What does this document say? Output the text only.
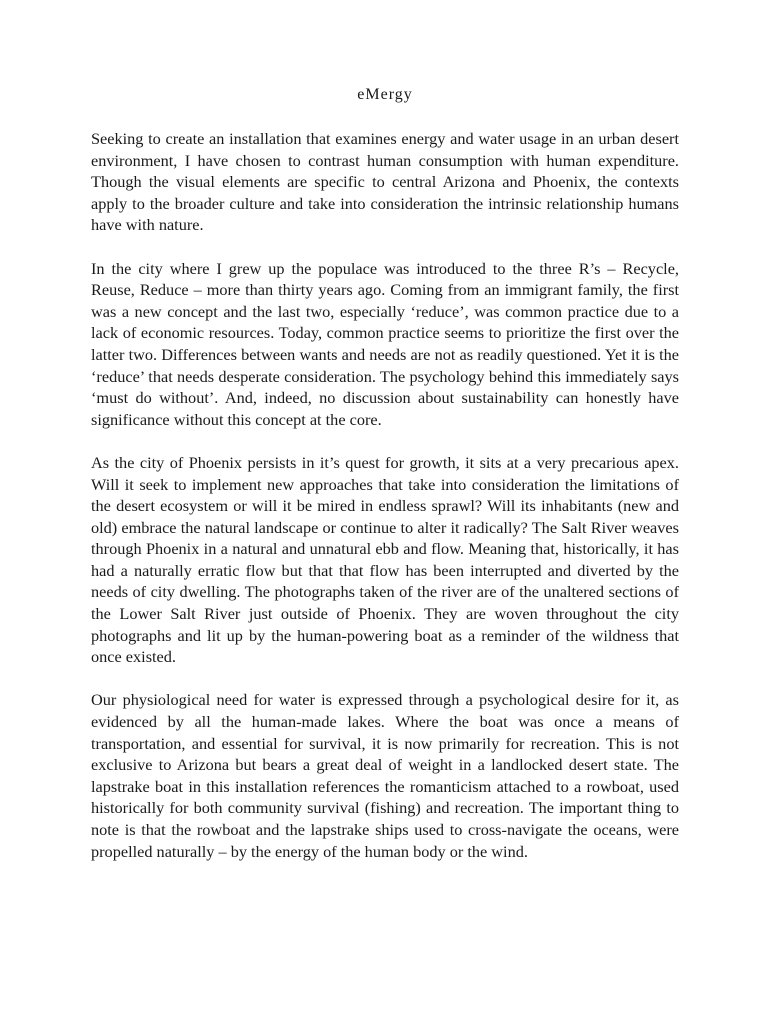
eMergy

Seeking to create an installation that examines energy and water usage in an urban desert environment, I have chosen to contrast human consumption with human expenditure. Though the visual elements are specific to central Arizona and Phoenix, the contexts apply to the broader culture and take into consideration the intrinsic relationship humans have with nature.

In the city where I grew up the populace was introduced to the three R’s – Recycle, Reuse, Reduce – more than thirty years ago. Coming from an immigrant family, the first was a new concept and the last two, especially ‘reduce’, was common practice due to a lack of economic resources. Today, common practice seems to prioritize the first over the latter two. Differences between wants and needs are not as readily questioned. Yet it is the ‘reduce’ that needs desperate consideration. The psychology behind this immediately says ‘must do without’. And, indeed, no discussion about sustainability can honestly have significance without this concept at the core.

As the city of Phoenix persists in it’s quest for growth, it sits at a very precarious apex. Will it seek to implement new approaches that take into consideration the limitations of the desert ecosystem or will it be mired in endless sprawl? Will its inhabitants (new and old) embrace the natural landscape or continue to alter it radically? The Salt River weaves through Phoenix in a natural and unnatural ebb and flow. Meaning that, historically, it has had a naturally erratic flow but that that flow has been interrupted and diverted by the needs of city dwelling. The photographs taken of the river are of the unaltered sections of the Lower Salt River just outside of Phoenix. They are woven throughout the city photographs and lit up by the human-powering boat as a reminder of the wildness that once existed.

Our physiological need for water is expressed through a psychological desire for it, as evidenced by all the human-made lakes. Where the boat was once a means of transportation, and essential for survival, it is now primarily for recreation. This is not exclusive to Arizona but bears a great deal of weight in a landlocked desert state. The lapstrake boat in this installation references the romanticism attached to a rowboat, used historically for both community survival (fishing) and recreation. The important thing to note is that the rowboat and the lapstrake ships used to cross-navigate the oceans, were propelled naturally – by the energy of the human body or the wind.
